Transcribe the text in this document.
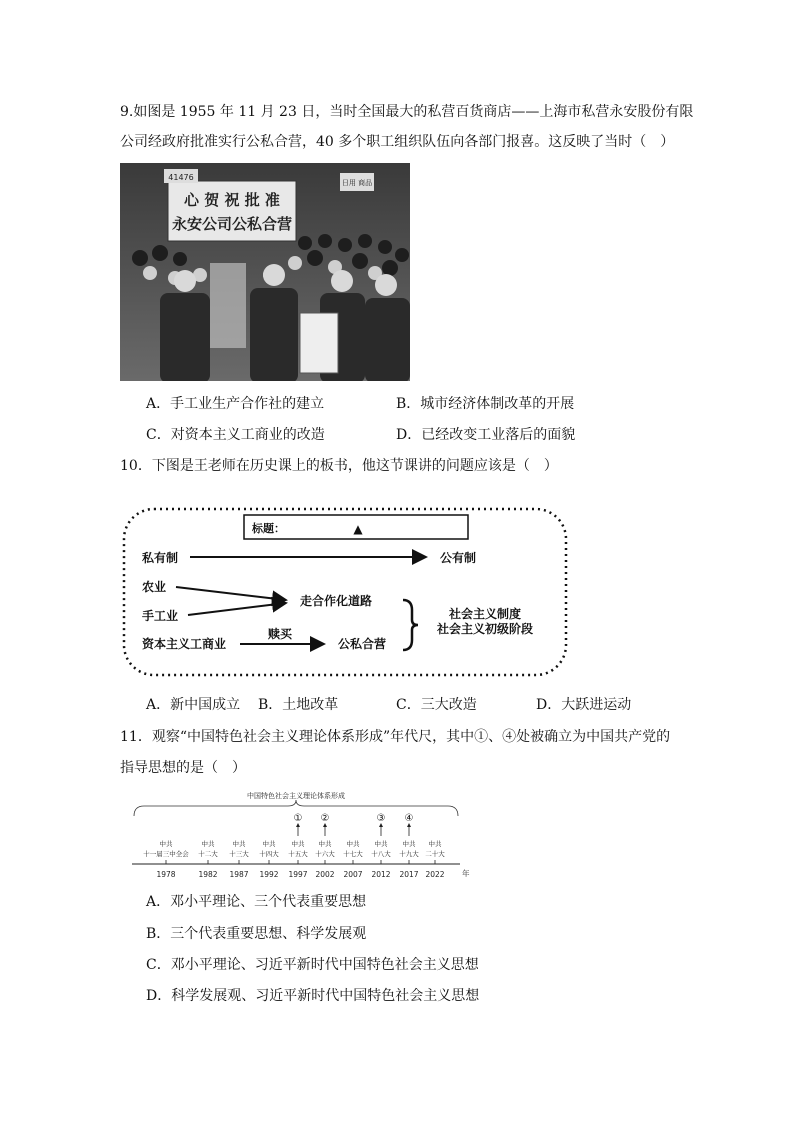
9.如图是 1955 年 11 月 23 日，当时全国最大的私营百货商店——上海市私营永安股份有限
公司经政府批准实行公私合营，40 多个职工组织队伍向各部门报喜。这反映了当时（　）
心 贺 祝 批 准
永安公司公私合营
41476
日用 商品
A．手工业生产合作社的建立	B．城市经济体制改革的开展
C．对资本主义工商业的改造	D．已经改变工业落后的面貌
10．下图是王老师在历史课上的板书，他这节课讲的问题应该是（　）
标题：	▲
私有制	公有制
农业
手工业
走合作化道路
资本主义工商业
赎买
公私合营
社会主义制度
社会主义初级阶段
A．新中国成立 B．土地改革	C．三大改造	D．大跃进运动
11．观察“中国特色社会主义理论体系形成”年代尺，其中①、④处被确立为中国共产党的
指导思想的是（　）
中国特色社会主义理论体系形成
年
中共
十一届三中全会
1978
中共
十二大
1982
中共
十三大
1987
中共
十四大
1992
中共
十五大
1997
中共
十六大
2002
中共
十七大
2007
中共
十八大
2012
中共
十九大
2017
中共
二十大
2022
① ②	③ ④
A．邓小平理论、三个代表重要思想
B．三个代表重要思想、科学发展观
C．邓小平理论、习近平新时代中国特色社会主义思想
D．科学发展观、习近平新时代中国特色社会主义思想
